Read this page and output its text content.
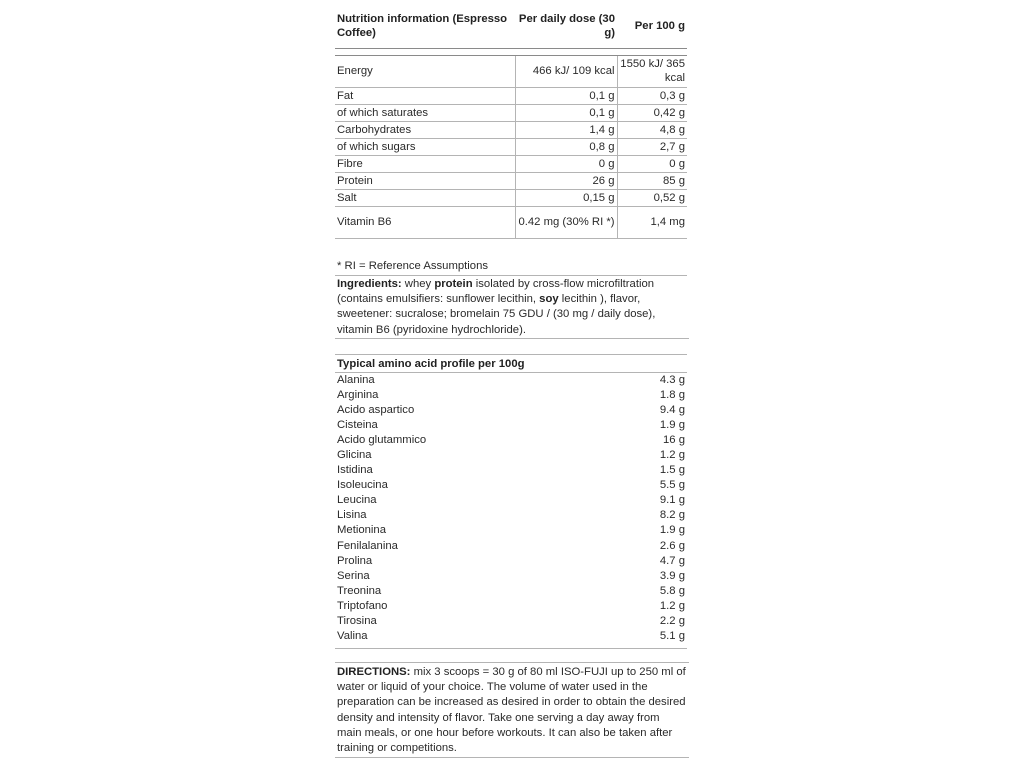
Nutrition information (Espresso Coffee)	Per daily dose (30 g)	Per 100 g

Energy	466 kJ/ 109 kcal	1550 kJ/ 365 kcal
Fat	0,1 g	0,3 g
of which saturates	0,1 g	0,42 g
Carbohydrates	1,4 g	4,8 g
of which sugars	0,8 g	2,7 g
Fibre	0 g	0 g
Protein	26 g	85 g
Salt	0,15 g	0,52 g
Vitamin B6	0.42 mg (30% RI *)	1,4 mg
* RI = Reference Assumptions
Ingredients: whey protein isolated by cross-flow microfiltration (contains emulsifiers: sunflower lecithin, soy lecithin ), flavor, sweetener: sucralose; bromelain 75 GDU / (30 mg / daily dose), vitamin B6 (pyridoxine hydrochloride).
Typical amino acid profile per 100g
Alanina	4.3 g
Arginina	1.8 g
Acido aspartico	9.4 g
Cisteina	1.9 g
Acido glutammico	16 g
Glicina	1.2 g
Istidina	1.5 g
Isoleucina	5.5 g
Leucina	9.1 g
Lisina	8.2 g
Metionina	1.9 g
Fenilalanina	2.6 g
Prolina	4.7 g
Serina	3.9 g
Treonina	5.8 g
Triptofano	1.2 g
Tirosina	2.2 g
Valina	5.1 g
DIRECTIONS: mix 3 scoops = 30 g of 80 ml ISO-FUJI up to 250 ml of water or liquid of your choice. The volume of water used in the preparation can be increased as desired in order to obtain the desired density and intensity of flavor. Take one serving a day away from main meals, or one hour before workouts. It can also be taken after training or competitions.
